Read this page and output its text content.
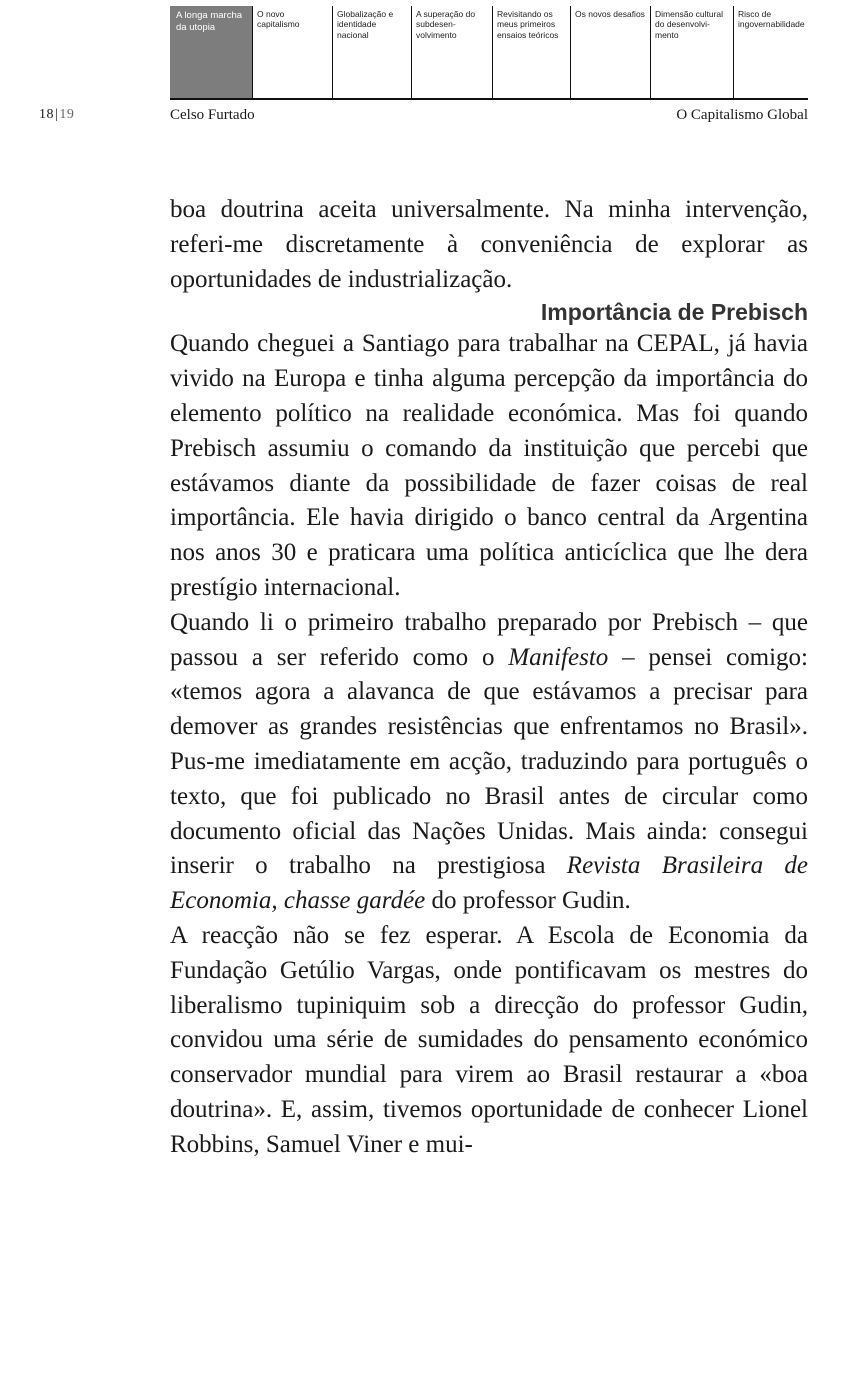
A longa marcha da utopia
O novo capitalismo
Globalização e identidade nacional
A superação do subdesenvolvimento
Revisitando os meus primeiros ensaios teóricos
Os novos desafios	Dimensão cultural do desenvolvimento
Risco de ingovernabilidade
18|19	Celso Furtado	O Capitalismo Global

boa doutrina aceita universalmente. Na minha intervenção, referi-me discretamente à conveniência de explorar as oportunidades de industrialização.

Importância de Prebisch

Quando cheguei a Santiago para trabalhar na CEPAL, já havia vivido na Europa e tinha alguma percepção da importância do elemento político na realidade económica. Mas foi quando Prebisch assumiu o comando da instituição que percebi que estávamos diante da possibilidade de fazer coisas de real importância. Ele havia dirigido o banco central da Argentina nos anos 30 e praticara uma política anticíclica que lhe dera prestígio internacional.

Quando li o primeiro trabalho preparado por Prebisch – que passou a ser referido como o Manifesto – pensei comigo: «temos agora a alavanca de que estávamos a precisar para demover as grandes resistências que enfrentamos no Brasil». Pus-me imediatamente em acção, traduzindo para português o texto, que foi publicado no Brasil antes de circular como documento oficial das Nações Unidas. Mais ainda: consegui inserir o trabalho na prestigiosa Revista Brasileira de Economia, chasse gardée do professor Gudin.

A reacção não se fez esperar. A Escola de Economia da Fundação Getúlio Vargas, onde pontificavam os mestres do liberalismo tupiniquim sob a direcção do professor Gudin, convidou uma série de sumidades do pensamento económico conservador mundial para virem ao Brasil restaurar a «boa doutrina». E, assim, tivemos oportunidade de conhecer Lionel Robbins, Samuel Viner e mui-
